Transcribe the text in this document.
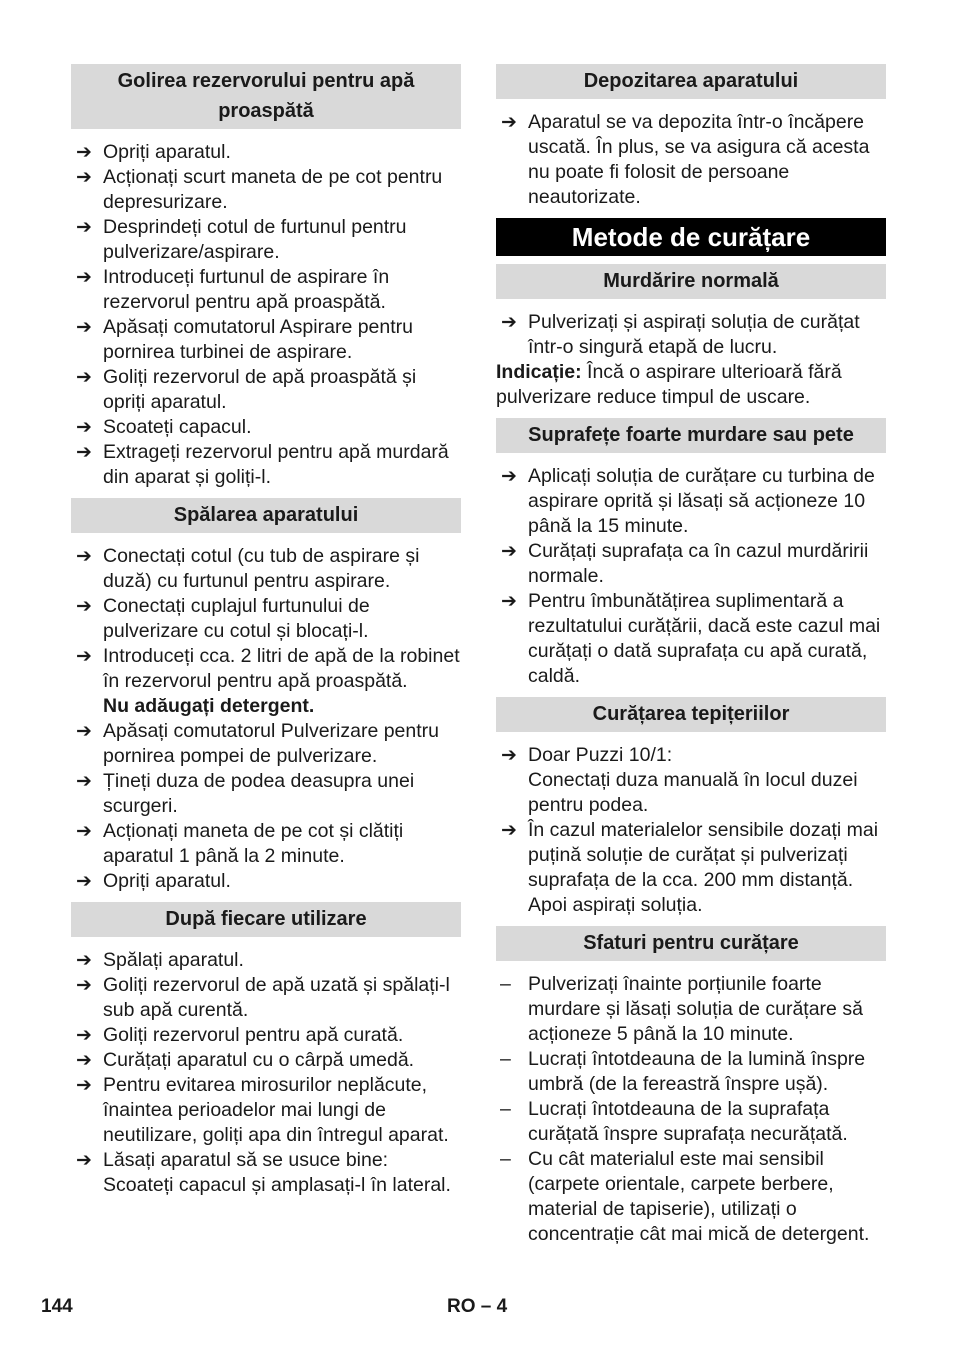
Golirea rezervorului pentru apă proaspătă
➔ Opriți aparatul.
➔ Acționați scurt maneta de pe cot pentru depresurizare.
➔ Desprindeți cotul de furtunul pentru pulverizare/aspirare.
➔ Introduceți furtunul de aspirare în rezervorul pentru apă proaspătă.
➔ Apăsați comutatorul Aspirare pentru pornirea turbinei de aspirare.
➔ Goliți rezervorul de apă proaspătă și opriți aparatul.
➔ Scoateți capacul.
➔ Extrageți rezervorul pentru apă murdară din aparat și goliți-l.
Spălarea aparatului
➔ Conectați cotul (cu tub de aspirare și duză) cu furtunul pentru aspirare.
➔ Conectați cuplajul furtunului de pulverizare cu cotul și blocați-l.
➔ Introduceți cca. 2 litri de apă de la robinet în rezervorul pentru apă proaspătă.
Nu adăugați detergent.
➔ Apăsați comutatorul Pulverizare pentru pornirea pompei de pulverizare.
➔ Țineți duza de podea deasupra unei scurgeri.
➔ Acționați maneta de pe cot și clătiți aparatul 1 până la 2 minute.
➔ Opriți aparatul.
După fiecare utilizare
➔ Spălați aparatul.
➔ Goliți rezervorul de apă uzată și spălați-l sub apă curentă.
➔ Goliți rezervorul pentru apă curată.
➔ Curățați aparatul cu o cârpă umedă.
➔ Pentru evitarea mirosurilor neplăcute, înaintea perioadelor mai lungi de neutilizare, goliți apa din întregul aparat.
➔ Lăsați aparatul să se usuce bine: Scoateți capacul și amplasați-l în lateral.
Depozitarea aparatului
➔ Aparatul se va depozita într-o încăpere uscată. În plus, se va asigura că acesta nu poate fi folosit de persoane neautorizate.
Metode de curățare
Murdărire normală
➔ Pulverizați și aspirați soluția de curățat într-o singură etapă de lucru.
Indicație: Încă o aspirare ulterioară fără pulverizare reduce timpul de uscare.
Suprafețe foarte murdare sau pete
➔ Aplicați soluția de curățare cu turbina de aspirare oprită și lăsați să acționeze 10 până la 15 minute.
➔ Curățați suprafața ca în cazul murdăririi normale.
➔ Pentru îmbunătățirea suplimentară a rezultatului curățării, dacă este cazul mai curățați o dată suprafața cu apă curată, caldă.
Curățarea tepițeriilor
➔ Doar Puzzi 10/1:
Conectați duza manuală în locul duzei pentru podea.
➔ În cazul materialelor sensibile dozați mai puțină soluție de curățat și pulverizați suprafața de la cca. 200 mm distanță. Apoi aspirați soluția.
Sfaturi pentru curățare
– Pulverizați înainte porțiunile foarte murdare și lăsați soluția de curățare să acționeze 5 până la 10 minute.
– Lucrați întotdeauna de la lumină înspre umbră (de la fereastră înspre ușă).
– Lucrați întotdeauna de la suprafața curățată înspre suprafața necurățată.
– Cu cât materialul este mai sensibil (carpete orientale, carpete berbere, material de tapiserie), utilizați o concentrație cât mai mică de detergent.
144	RO – 4
